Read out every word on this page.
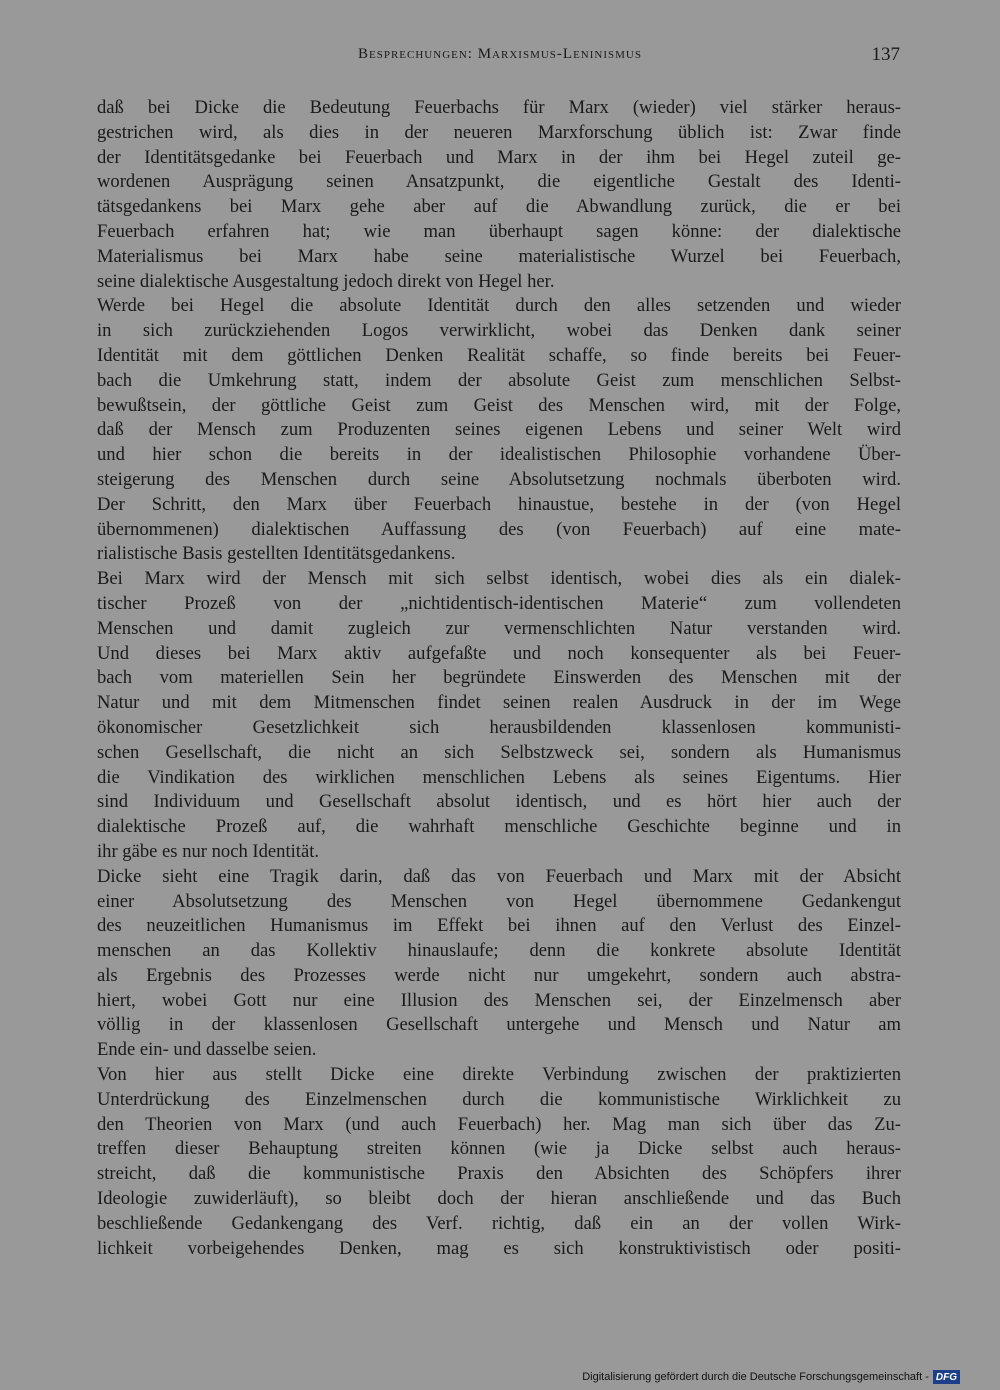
Besprechungen: Marxismus-Leninismus	137
daß bei Dicke die Bedeutung Feuerbachs für Marx (wieder) viel stärker heraus-
gestrichen wird, als dies in der neueren Marxforschung üblich ist: Zwar finde
der Identitätsgedanke bei Feuerbach und Marx in der ihm bei Hegel zuteil ge-
wordenen Ausprägung seinen Ansatzpunkt, die eigentliche Gestalt des Identi-
tätsgedankens bei Marx gehe aber auf die Abwandlung zurück, die er bei
Feuerbach erfahren hat; wie man überhaupt sagen könne: der dialektische
Materialismus bei Marx habe seine materialistische Wurzel bei Feuerbach,
seine dialektische Ausgestaltung jedoch direkt von Hegel her.
Werde bei Hegel die absolute Identität durch den alles setzenden und wieder
in sich zurückziehenden Logos verwirklicht, wobei das Denken dank seiner
Identität mit dem göttlichen Denken Realität schaffe, so finde bereits bei Feuer-
bach die Umkehrung statt, indem der absolute Geist zum menschlichen Selbst-
bewußtsein, der göttliche Geist zum Geist des Menschen wird, mit der Folge,
daß der Mensch zum Produzenten seines eigenen Lebens und seiner Welt wird
und hier schon die bereits in der idealistischen Philosophie vorhandene Über-
steigerung des Menschen durch seine Absolutsetzung nochmals überboten wird.
Der Schritt, den Marx über Feuerbach hinaustue, bestehe in der (von Hegel
übernommenen) dialektischen Auffassung des (von Feuerbach) auf eine mate-
rialistische Basis gestellten Identitätsgedankens.
Bei Marx wird der Mensch mit sich selbst identisch, wobei dies als ein dialek-
tischer Prozeß von der „nichtidentisch-identischen Materie“ zum vollendeten
Menschen und damit zugleich zur vermenschlichten Natur verstanden wird.
Und dieses bei Marx aktiv aufgefaßte und noch konsequenter als bei Feuer-
bach vom materiellen Sein her begründete Einswerden des Menschen mit der
Natur und mit dem Mitmenschen findet seinen realen Ausdruck in der im Wege
ökonomischer Gesetzlichkeit sich herausbildenden klassenlosen kommunisti-
schen Gesellschaft, die nicht an sich Selbstzweck sei, sondern als Humanismus
die Vindikation des wirklichen menschlichen Lebens als seines Eigentums. Hier
sind Individuum und Gesellschaft absolut identisch, und es hört hier auch der
dialektische Prozeß auf, die wahrhaft menschliche Geschichte beginne und in
ihr gäbe es nur noch Identität.
Dicke sieht eine Tragik darin, daß das von Feuerbach und Marx mit der Absicht
einer Absolutsetzung des Menschen von Hegel übernommene Gedankengut
des neuzeitlichen Humanismus im Effekt bei ihnen auf den Verlust des Einzel-
menschen an das Kollektiv hinauslaufe; denn die konkrete absolute Identität
als Ergebnis des Prozesses werde nicht nur umgekehrt, sondern auch abstra-
hiert, wobei Gott nur eine Illusion des Menschen sei, der Einzelmensch aber
völlig in der klassenlosen Gesellschaft untergehe und Mensch und Natur am
Ende ein- und dasselbe seien.
Von hier aus stellt Dicke eine direkte Verbindung zwischen der praktizierten
Unterdrückung des Einzelmenschen durch die kommunistische Wirklichkeit zu
den Theorien von Marx (und auch Feuerbach) her. Mag man sich über das Zu-
treffen dieser Behauptung streiten können (wie ja Dicke selbst auch heraus-
streicht, daß die kommunistische Praxis den Absichten des Schöpfers ihrer
Ideologie zuwiderläuft), so bleibt doch der hieran anschließende und das Buch
beschließende Gedankengang des Verf. richtig, daß ein an der vollen Wirk-
lichkeit vorbeigehendes Denken, mag es sich konstruktivistisch oder positi-
Digitalisierung gefördert durch die Deutsche Forschungsgemeinschaft - DFG
